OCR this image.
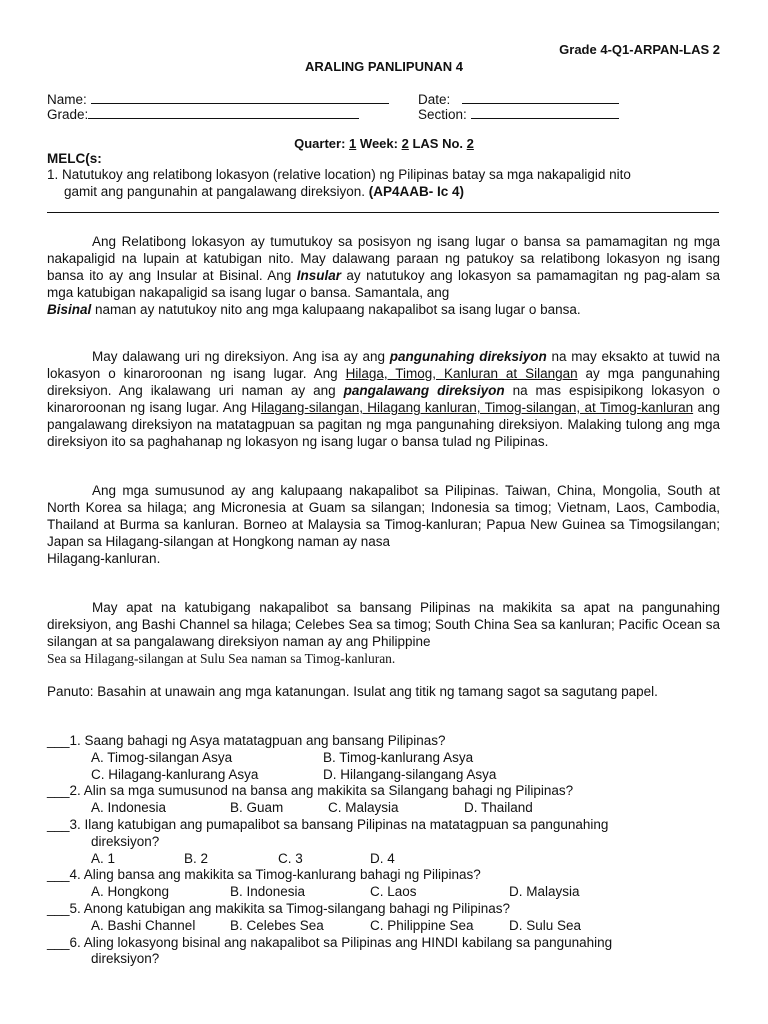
Grade 4-Q1-ARPAN-LAS 2
ARALING PANLIPUNAN 4
Name:	Date:
Grade:	Section:
Quarter: 1 Week: 2 LAS No. 2
MELC(s:
1. Natutukoy ang relatibong lokasyon (relative location) ng Pilipinas batay sa mga nakapaligid nito
gamit ang pangunahin at pangalawang direksiyon. (AP4AAB- Ic 4)
Ang Relatibong lokasyon ay tumutukoy sa posisyon ng isang lugar o bansa sa pamamagitan ng mga nakapaligid na lupain at katubigan nito. May dalawang paraan ng patukoy sa relatibong lokasyon ng isang bansa ito ay ang Insular at Bisinal. Ang Insular ay natutukoy ang lokasyon sa pamamagitan ng pag-alam sa mga katubigan nakapaligid sa isang lugar o bansa. Samantala, ang
Bisinal naman ay natutukoy nito ang mga kalupaang nakapalibot sa isang lugar o bansa.
May dalawang uri ng direksiyon. Ang isa ay ang pangunahing direksiyon na may eksakto at tuwid na lokasyon o kinaroroonan ng isang lugar. Ang Hilaga, Timog, Kanluran at Silangan ay mga pangunahing direksiyon. Ang ikalawang uri naman ay ang pangalawang direksiyon na mas espisipikong lokasyon o kinaroroonan ng isang lugar. Ang Hilagang-silangan, Hilagang kanluran, Timog-silangan, at Timog-kanluran ang pangalawang direksiyon na matatagpuan sa pagitan ng mga pangunahing direksiyon. Malaking tulong ang mga direksiyon ito sa paghahanap ng lokasyon ng isang lugar o bansa tulad ng Pilipinas.
Ang mga sumusunod ay ang kalupaang nakapalibot sa Pilipinas. Taiwan, China, Mongolia, South at North Korea sa hilaga; ang Micronesia at Guam sa silangan; Indonesia sa timog; Vietnam, Laos, Cambodia, Thailand at Burma sa kanluran. Borneo at Malaysia sa Timog-kanluran; Papua New Guinea sa Timogsilangan; Japan sa Hilagang-silangan at Hongkong naman ay nasa
Hilagang-kanluran.
May apat na katubigang nakapalibot sa bansang Pilipinas na makikita sa apat na pangunahing direksiyon, ang Bashi Channel sa hilaga; Celebes Sea sa timog; South China Sea sa kanluran; Pacific Ocean sa silangan at sa pangalawang direksiyon naman ay ang Philippine
Sea sa Hilagang-silangan at Sulu Sea naman sa Timog-kanluran.
Panuto: Basahin at unawain ang mga katanungan. Isulat ang titik ng tamang sagot sa sagutang papel.
___1. Saang bahagi ng Asya matatagpuan ang bansang Pilipinas?
A. Timog-silangan Asya	B. Timog-kanlurang Asya
C. Hilagang-kanlurang Asya	D. Hilangang-silangang Asya
___2. Alin sa mga sumusunod na bansa ang makikita sa Silangang bahagi ng Pilipinas?
A. Indonesia	B. Guam	C. Malaysia	D. Thailand
___3. Ilang katubigan ang pumapalibot sa bansang Pilipinas na matatagpuan sa pangunahing
direksiyon?
A. 1	B. 2	C. 3	D. 4
___4. Aling bansa ang makikita sa Timog-kanlurang bahagi ng Pilipinas?
A. Hongkong	B. Indonesia	C. Laos	D. Malaysia
___5. Anong katubigan ang makikita sa Timog-silangang bahagi ng Pilipinas?
A. Bashi Channel	B. Celebes Sea	C. Philippine Sea	D. Sulu Sea
___6. Aling lokasyong bisinal ang nakapalibot sa Pilipinas ang HINDI kabilang sa pangunahing
direksiyon?
